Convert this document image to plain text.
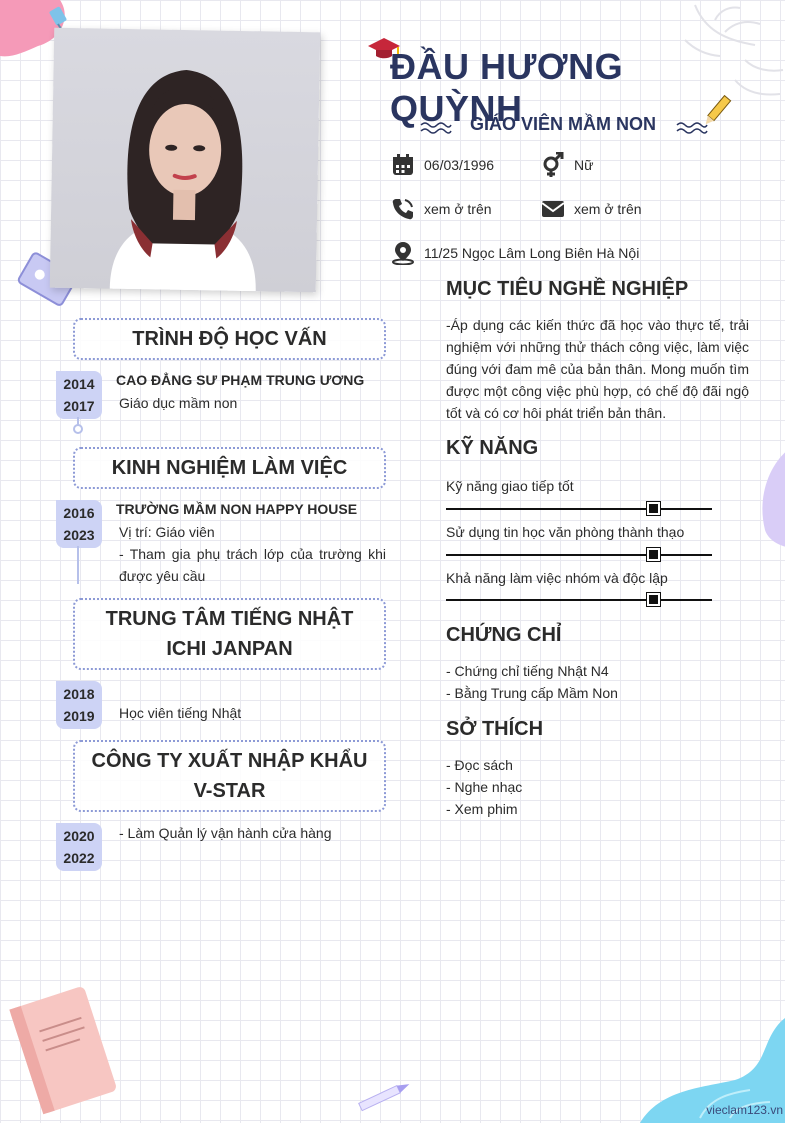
ĐẦU HƯƠNG QUỲNH
GIÁO VIÊN MẦM NON
06/03/1996	Nữ
xem ở trên	xem ở trên
11/25 Ngọc Lâm Long Biên Hà Nội
TRÌNH ĐỘ HỌC VẤN
2014
2017
CAO ĐẲNG SƯ PHẠM TRUNG ƯƠNG
Giáo dục mầm non
KINH NGHIỆM LÀM VIỆC
2016
2023
TRƯỜNG MẦM NON HAPPY HOUSE
Vị trí: Giáo viên
- Tham gia phụ trách lớp của trường khi được yêu cầu
TRUNG TÂM TIẾNG NHẬT ICHI JANPAN
2018
2019	Học viên tiếng Nhật
CÔNG TY XUẤT NHẬP KHẨU V-STAR
2020
2022
- Làm Quản lý vận hành cửa hàng
MỤC TIÊU NGHỀ NGHIỆP
-Áp dụng các kiến thức đã học vào thực tế, trải nghiệm với những thử thách công việc, làm việc đúng với đam mê của bản thân. Mong muốn tìm được một công việc phù hợp, có chế độ đãi ngộ tốt và có cơ hôi phát triển bản thân.
KỸ NĂNG
Kỹ năng giao tiếp tốt
Sử dụng tin học văn phòng thành thạo
Khả năng làm việc nhóm và độc lập
CHỨNG CHỈ
- Chứng chỉ tiếng Nhật N4
- Bằng Trung cấp Mầm Non
SỞ THÍCH
- Đọc sách
- Nghe nhạc
- Xem phim
vieclam123.vn
